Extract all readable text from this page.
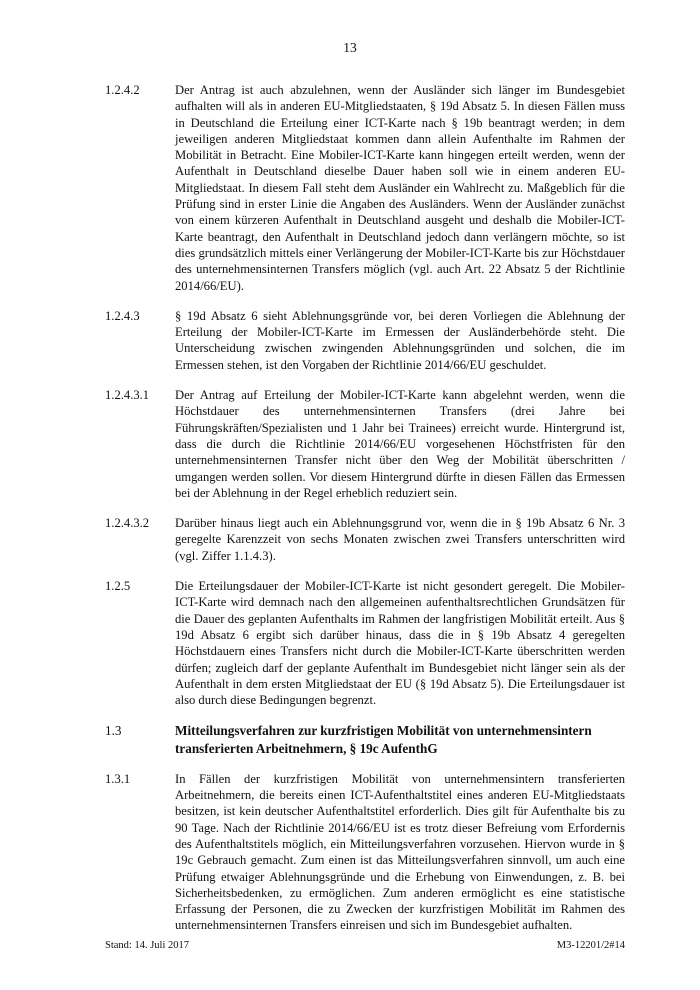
13
1.2.4.2	Der Antrag ist auch abzulehnen, wenn der Ausländer sich länger im Bundesgebiet aufhalten will als in anderen EU-Mitgliedstaaten, § 19d Absatz 5. In diesen Fällen muss in Deutschland die Erteilung einer ICT-Karte nach § 19b beantragt werden; in dem jeweiligen anderen Mitgliedstaat kommen dann allein Aufenthalte im Rahmen der Mobilität in Betracht. Eine Mobiler-ICT-Karte kann hingegen erteilt werden, wenn der Aufenthalt in Deutschland dieselbe Dauer haben soll wie in einem anderen EU-Mitgliedstaat. In diesem Fall steht dem Ausländer ein Wahlrecht zu. Maßgeblich für die Prüfung sind in erster Linie die Angaben des Ausländers. Wenn der Ausländer zunächst von einem kürzeren Aufenthalt in Deutschland ausgeht und deshalb die Mobiler-ICT-Karte beantragt, den Aufenthalt in Deutschland jedoch dann verlängern möchte, so ist dies grundsätzlich mittels einer Verlängerung der Mobiler-ICT-Karte bis zur Höchstdauer des unternehmensinternen Transfers möglich (vgl. auch Art. 22 Absatz 5 der Richtlinie 2014/66/EU).
1.2.4.3	§ 19d Absatz 6 sieht Ablehnungsgründe vor, bei deren Vorliegen die Ablehnung der Erteilung der Mobiler-ICT-Karte im Ermessen der Ausländerbehörde steht. Die Unterscheidung zwischen zwingenden Ablehnungsgründen und solchen, die im Ermessen stehen, ist den Vorgaben der Richtlinie 2014/66/EU geschuldet.
1.2.4.3.1	Der Antrag auf Erteilung der Mobiler-ICT-Karte kann abgelehnt werden, wenn die Höchstdauer des unternehmensinternen Transfers (drei Jahre bei Führungskräften/Spezialisten und 1 Jahr bei Trainees) erreicht wurde. Hintergrund ist, dass die durch die Richtlinie 2014/66/EU vorgesehenen Höchstfristen für den unternehmensinternen Transfer nicht über den Weg der Mobilität überschritten / umgangen werden sollen. Vor diesem Hintergrund dürfte in diesen Fällen das Ermessen bei der Ablehnung in der Regel erheblich reduziert sein.
1.2.4.3.2	Darüber hinaus liegt auch ein Ablehnungsgrund vor, wenn die in § 19b Absatz 6 Nr. 3 geregelte Karenzzeit von sechs Monaten zwischen zwei Transfers unterschritten wird (vgl. Ziffer 1.1.4.3).
1.2.5	Die Erteilungsdauer der Mobiler-ICT-Karte ist nicht gesondert geregelt. Die Mobiler-ICT-Karte wird demnach nach den allgemeinen aufenthaltsrechtlichen Grundsätzen für die Dauer des geplanten Aufenthalts im Rahmen der langfristigen Mobilität erteilt. Aus § 19d Absatz 6 ergibt sich darüber hinaus, dass die in § 19b Absatz 4 geregelten Höchstdauern eines Transfers nicht durch die Mobiler-ICT-Karte überschritten werden dürfen; zugleich darf der geplante Aufenthalt im Bundesgebiet nicht länger sein als der Aufenthalt in dem ersten Mitgliedstaat der EU (§ 19d Absatz 5). Die Erteilungsdauer ist also durch diese Bedingungen begrenzt.
1.3	Mitteilungsverfahren zur kurzfristigen Mobilität von unternehmensintern transferierten Arbeitnehmern, § 19c AufenthG
1.3.1	In Fällen der kurzfristigen Mobilität von unternehmensintern transferierten Arbeitnehmern, die bereits einen ICT-Aufenthaltstitel eines anderen EU-Mitgliedstaats besitzen, ist kein deutscher Aufenthaltstitel erforderlich. Dies gilt für Aufenthalte bis zu 90 Tage. Nach der Richtlinie 2014/66/EU ist es trotz dieser Befreiung vom Erfordernis des Aufenthaltstitels möglich, ein Mitteilungsverfahren vorzusehen. Hiervon wurde in § 19c Gebrauch gemacht. Zum einen ist das Mitteilungsverfahren sinnvoll, um auch eine Prüfung etwaiger Ablehnungsgründe und die Erhebung von Einwendungen, z. B. bei Sicherheitsbedenken, zu ermöglichen. Zum anderen ermöglicht es eine statistische Erfassung der Personen, die zu Zwecken der kurzfristigen Mobilität im Rahmen des unternehmensinternen Transfers einreisen und sich im Bundesgebiet aufhalten.
Stand: 14. Juli 2017	M3-12201/2#14
